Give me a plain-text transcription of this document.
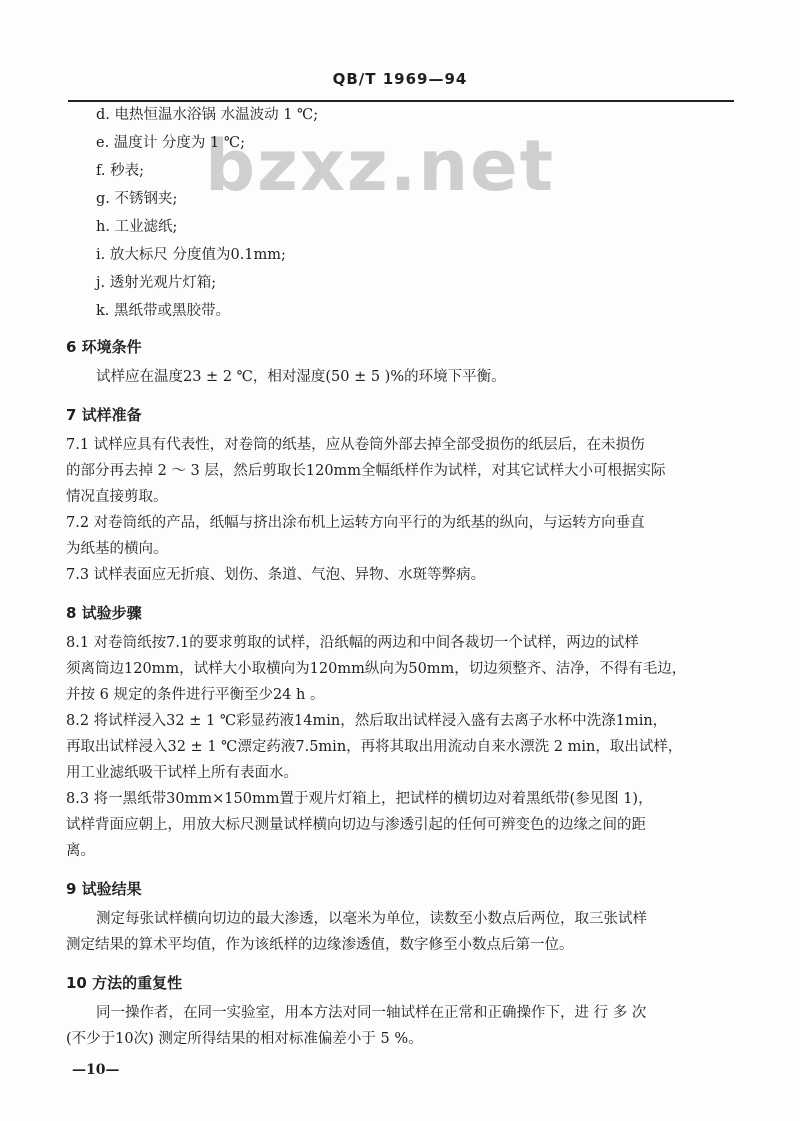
QB/T 1969—94
bzxz.net
d. 电热恒温水浴锅 水温波动 1 ℃;
e. 温度计 分度为 1 ℃;
f. 秒表;
g. 不锈钢夹;
h. 工业滤纸;
i. 放大标尺 分度值为0.1mm;
j. 透射光观片灯箱;
k. 黑纸带或黑胶带。
6 环境条件
试样应在温度23 ± 2 ℃，相对湿度(50 ± 5 )%的环境下平衡。
7 试样准备
7.1 试样应具有代表性，对卷筒的纸基，应从卷筒外部去掉全部受损伤的纸层后，在未损伤
的部分再去掉 2 ～ 3 层，然后剪取长120mm全幅纸样作为试样，对其它试样大小可根据实际
情况直接剪取。
7.2 对卷筒纸的产品，纸幅与挤出涂布机上运转方向平行的为纸基的纵向，与运转方向垂直
为纸基的横向。
7.3 试样表面应无折痕、划伤、条道、气泡、异物、水斑等弊病。
8 试验步骤
8.1 对卷筒纸按7.1的要求剪取的试样，沿纸幅的两边和中间各裁切一个试样，两边的试样
须离筒边120mm，试样大小取横向为120mm纵向为50mm，切边须整齐、洁净，不得有毛边，
并按 6 规定的条件进行平衡至少24 h 。
8.2 将试样浸入32 ± 1 ℃彩显药液14min，然后取出试样浸入盛有去离子水杯中洗涤1min，
再取出试样浸入32 ± 1 ℃漂定药液7.5min，再将其取出用流动自来水漂洗 2 min，取出试样，
用工业滤纸吸干试样上所有表面水。
8.3 将一黑纸带30mm×150mm置于观片灯箱上，把试样的横切边对着黑纸带(参见图 1)，
试样背面应朝上，用放大标尺测量试样横向切边与渗透引起的任何可辨变色的边缘之间的距
离。
9 试验结果
测定每张试样横向切边的最大渗透，以毫米为单位，读数至小数点后两位，取三张试样
测定结果的算术平均值，作为该纸样的边缘渗透值，数字修至小数点后第一位。
10 方法的重复性
同一操作者，在同一实验室，用本方法对同一轴试样在正常和正确操作下，进 行 多 次
(不少于10次) 测定所得结果的相对标准偏差小于 5 %。
—10—
